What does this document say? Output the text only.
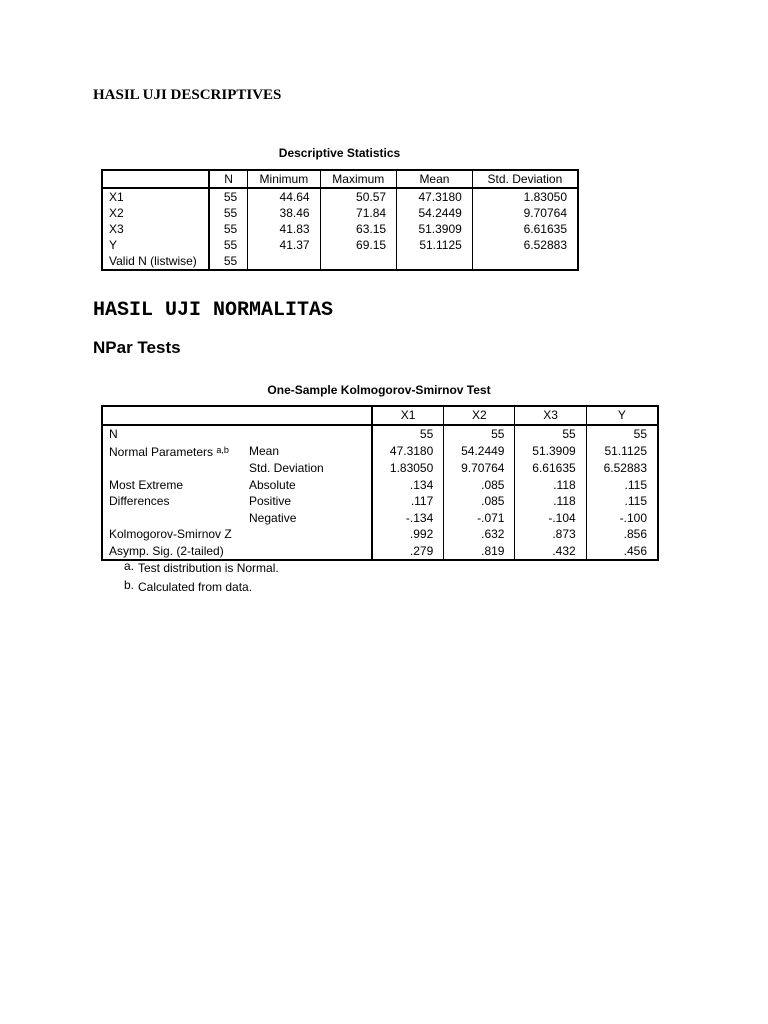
HASIL UJI DESCRIPTIVES
Descriptive Statistics
	N	Minimum	Maximum	Mean	Std. Deviation
X1	55	44.64	50.57	47.3180	1.83050
X2	55	38.46	71.84	54.2449	9.70764
X3	55	41.83	63.15	51.3909	6.61635
Y	55	41.37	69.15	51.1125	6.52883
Valid N (listwise)	55				
HASIL UJI NORMALITAS
NPar Tests
One-Sample Kolmogorov-Smirnov Test
		X1	X2	X3	Y
N		55	55	55	55
Normal Parameters $^{a,b}$	Mean	47.3180	54.2449	51.3909	51.1125
	Std. Deviation	1.83050	9.70764	6.61635	6.52883
Most Extreme	Absolute	.134	.085	.118	.115
Differences	Positive	.117	.085	.118	.115
	Negative	-.134	-.071	-.104	-.100
Kolmogorov-Smirnov Z		.992	.632	.873	.856
Asymp. Sig. (2-tailed)		.279	.819	.432	.456
a. Test distribution is Normal.
b. Calculated from data.
